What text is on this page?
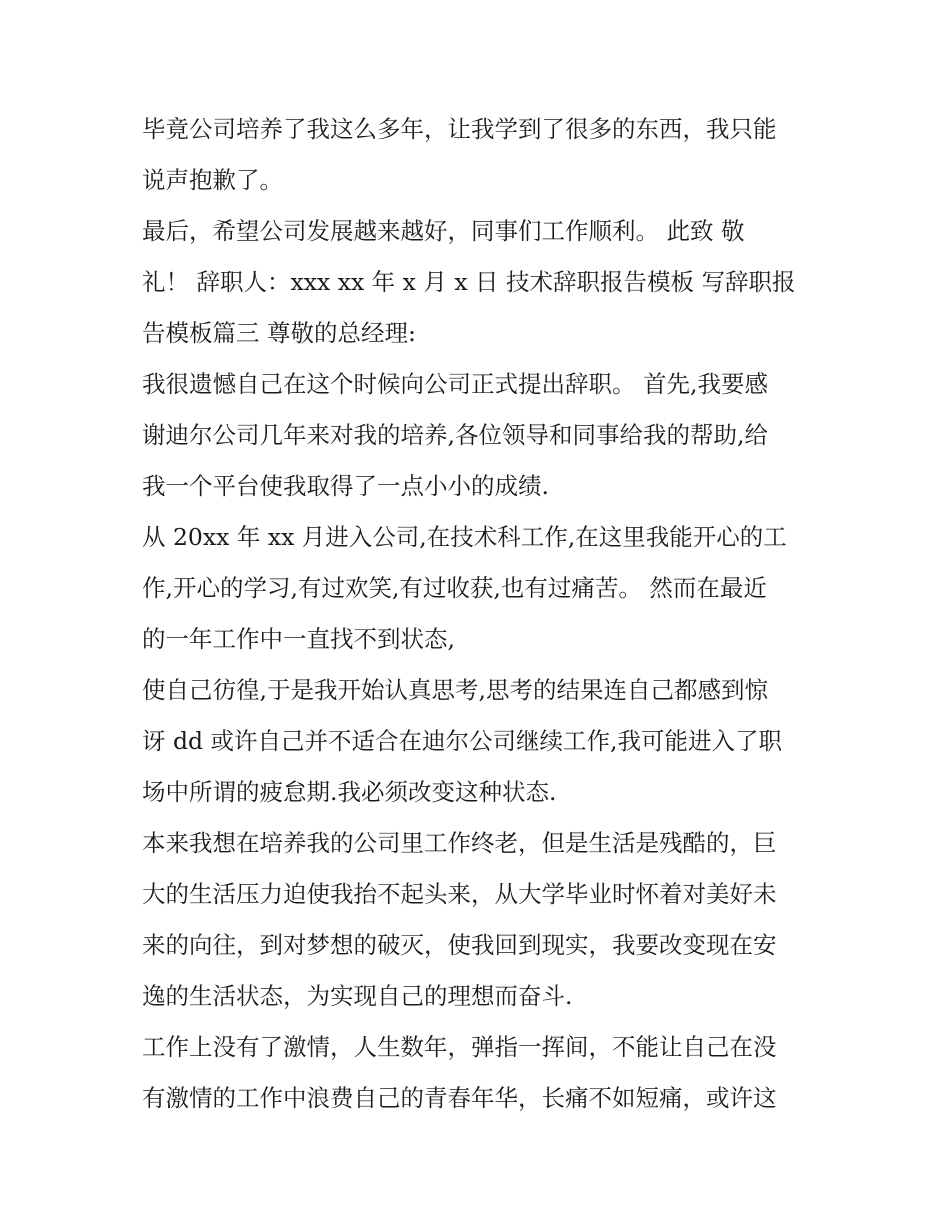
毕竟公司培养了我这么多年，让我学到了很多的东西，我只能
说声抱歉了。
最后，希望公司发展越来越好，同事们工作顺利。 此致 敬
礼！ 辞职人：xxx xx 年 x 月 x 日 技术辞职报告模板 写辞职报
告模板篇三 尊敬的总经理:
我很遗憾自己在这个时候向公司正式提出辞职。 首先,我要感
谢迪尔公司几年来对我的培养,各位领导和同事给我的帮助,给
我一个平台使我取得了一点小小的成绩.
从 20xx 年 xx 月进入公司,在技术科工作,在这里我能开心的工
作,开心的学习,有过欢笑,有过收获,也有过痛苦。 然而在最近
的一年工作中一直找不到状态,
使自己彷徨,于是我开始认真思考,思考的结果连自己都感到惊
讶 dd 或许自己并不适合在迪尔公司继续工作,我可能进入了职
场中所谓的疲怠期.我必须改变这种状态.
本来我想在培养我的公司里工作终老，但是生活是残酷的，巨
大的生活压力迫使我抬不起头来，从大学毕业时怀着对美好未
来的向往，到对梦想的破灭，使我回到现实，我要改变现在安
逸的生活状态，为实现自己的理想而奋斗.
工作上没有了激情，人生数年，弹指一挥间，不能让自己在没
有激情的工作中浪费自己的青春年华，长痛不如短痛，或许这
